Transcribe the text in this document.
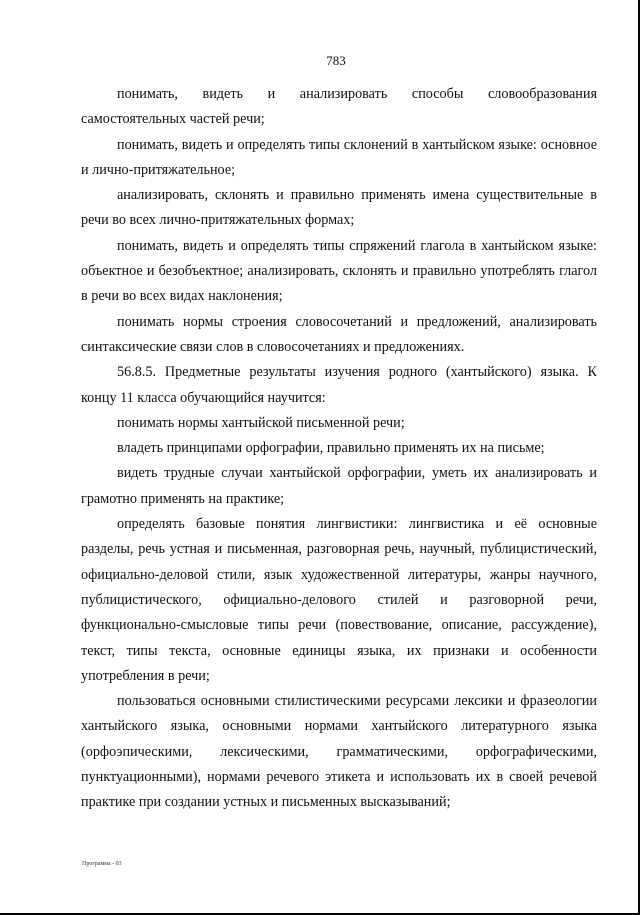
783

понимать, видеть и анализировать способы словообразования самостоятельных частей речи;

понимать, видеть и определять типы склонений в хантыйском языке: основное и лично-притяжательное;

анализировать, склонять и правильно применять имена существительные в речи во всех лично-притяжательных формах;

понимать, видеть и определять типы спряжений глагола в хантыйском языке: объектное и безобъектное; анализировать, склонять и правильно употреблять глагол в речи во всех видах наклонения;

понимать нормы строения словосочетаний и предложений, анализировать синтаксические связи слов в словосочетаниях и предложениях.

56.8.5. Предметные результаты изучения родного (хантыйского) языка. К концу 11 класса обучающийся научится:

понимать нормы хантыйской письменной речи;

владеть принципами орфографии, правильно применять их на письме;

видеть трудные случаи хантыйской орфографии, уметь их анализировать и грамотно применять на практике;

определять базовые понятия лингвистики: лингвистика и её основные разделы, речь устная и письменная, разговорная речь, научный, публицистический, официально-деловой стили, язык художественной литературы, жанры научного, публицистического, официально-делового стилей и разговорной речи, функционально-смысловые типы речи (повествование, описание, рассуждение), текст, типы текста, основные единицы языка, их признаки и особенности употребления в речи;

пользоваться основными стилистическими ресурсами лексики и фразеологии хантыйского языка, основными нормами хантыйского литературного языка (орфоэпическими, лексическими, грамматическими, орфографическими, пунктуационными), нормами речевого этикета и использовать их в своей речевой практике при создании устных и письменных высказываний;

Программа - 03
